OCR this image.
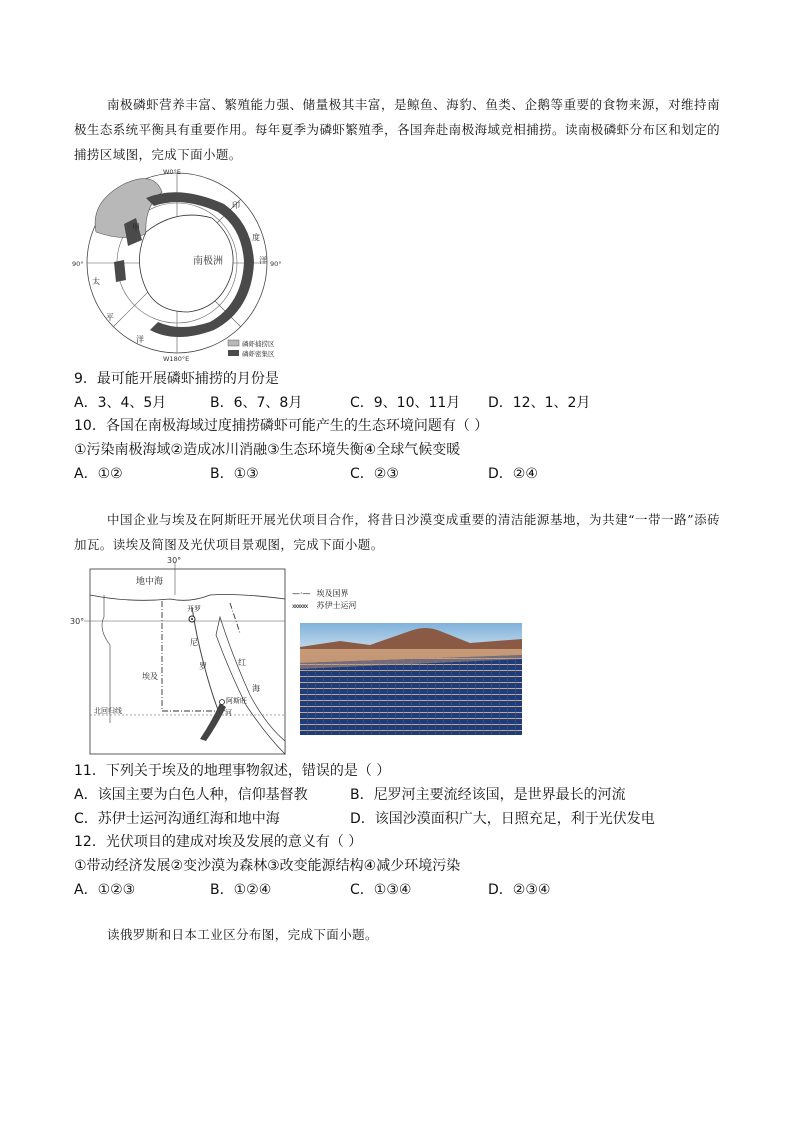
南极磷虾营养丰富、繁殖能力强、储量极其丰富，是鲸鱼、海豹、鱼类、企鹅等重要的食物来源，对维持南极生态系统平衡具有重要作用。每年夏季为磷虾繁殖季，各国奔赴南极海域竞相捕捞。读南极磷虾分布区和划定的捕捞区域图，完成下面小题。
南极洲
W0°E
W180°E
90°	90°
甲
印
度
洋
太
平
洋	磷虾捕捞区
磷虾密集区
9．最可能开展磷虾捕捞的月份是
A．3、4、5月	B．6、7、8月	C．9、10、11月 D．12、1、2月
10．各国在南极海域过度捕捞磷虾可能产生的生态环境问题有（ ）
①污染南极海域②造成冰川消融③生态环境失衡④全球气候变暖
A．①②	B．①③	C．②③	D．②④
中国企业与埃及在阿斯旺开展光伏项目合作，将昔日沙漠变成重要的清洁能源基地，为共建“一带一路”添砖加瓦。读埃及简图及光伏项目景观图，完成下面小题。
30°
30°
地中海
开罗
尼
罗
河
红
海
埃及
阿斯旺
北回归线
—·— 埃及国界
xxxxxx 苏伊士运河
11．下列关于埃及的地理事物叙述，错误的是（ ）
A．该国主要为白色人种，信仰基督教	B．尼罗河主要流经该国，是世界最长的河流
C．苏伊士运河沟通红海和地中海	D．该国沙漠面积广大，日照充足，利于光伏发电
12．光伏项目的建成对埃及发展的意义有（ ）
①带动经济发展②变沙漠为森林③改变能源结构④减少环境污染
A．①②③	B．①②④	C．①③④	D．②③④
读俄罗斯和日本工业区分布图，完成下面小题。
